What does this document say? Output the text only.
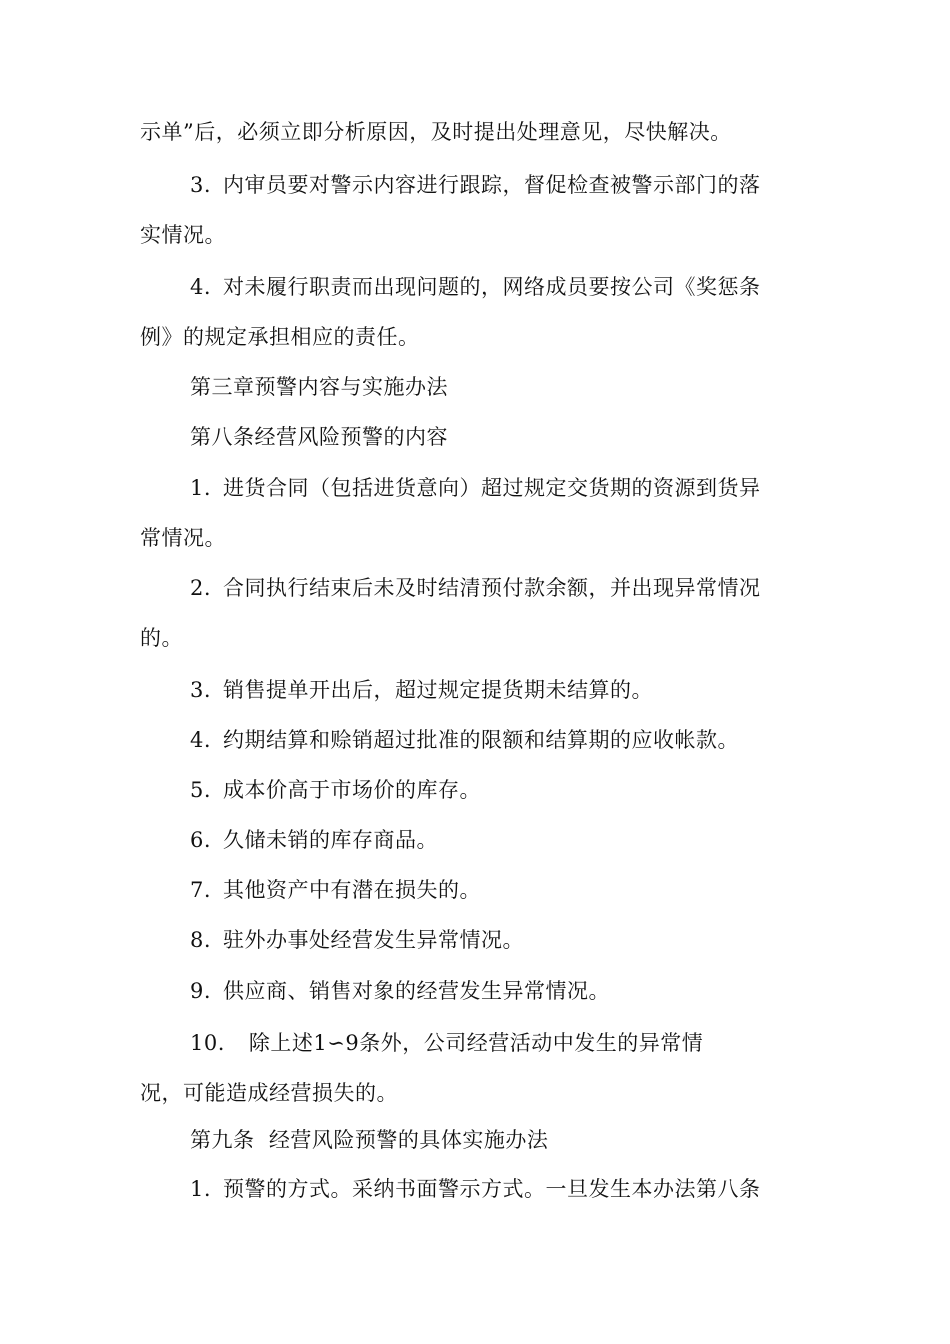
示单”后，必须立即分析原因，及时提出处理意见，尽快解决。
3. 内审员要对警示内容进行跟踪，督促检查被警示部门的落
实情况。
4. 对未履行职责而出现问题的，网络成员要按公司《奖惩条
例》的规定承担相应的责任。
第三章预警内容与实施办法
第八条经营风险预警的内容
1. 进货合同（包括进货意向）超过规定交货期的资源到货异
常情况。
2. 合同执行结束后未及时结清预付款余额，并出现异常情况
的。
3. 销售提单开出后，超过规定提货期未结算的。
4. 约期结算和赊销超过批准的限额和结算期的应收帐款。
5. 成本价高于市场价的库存。
6. 久储未销的库存商品。
7. 其他资产中有潜在损失的。
8. 驻外办事处经营发生异常情况。
9. 供应商、销售对象的经营发生异常情况。
10. 除上述1∽9条外，公司经营活动中发生的异常情
况，可能造成经营损失的。
第九条  经营风险预警的具体实施办法
1. 预警的方式。采纳书面警示方式。一旦发生本办法第八条
